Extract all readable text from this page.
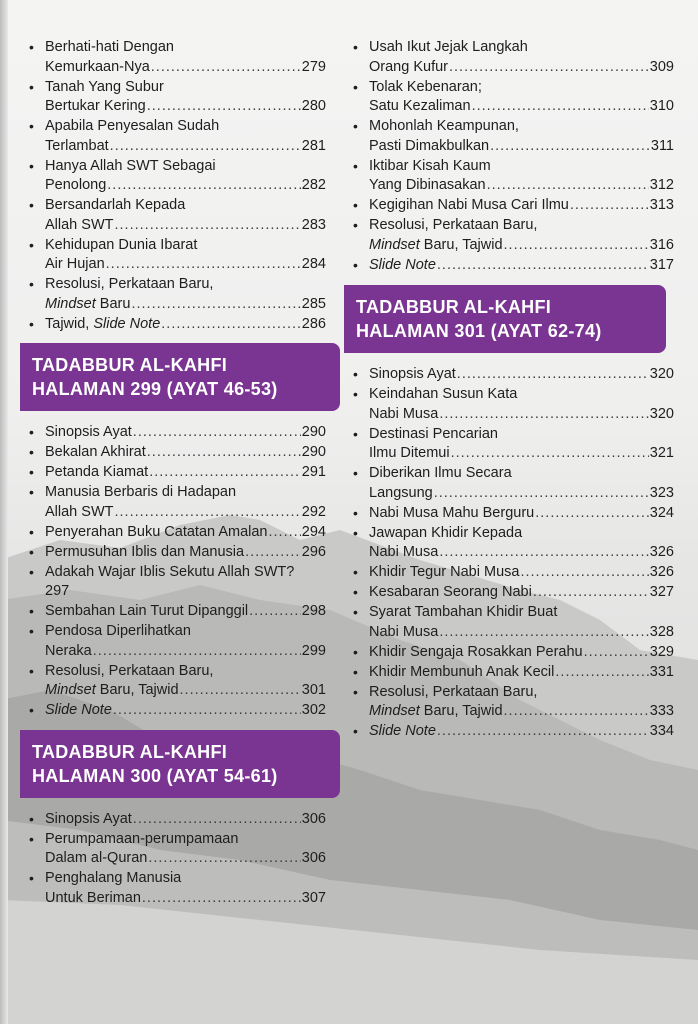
• Berhati-hati Dengan
Kemurkaan-Nya .....	279
• Tanah Yang Subur
Bertukar Kering .....	280
• Apabila Penyesalan Sudah
Terlambat .....	281
• Hanya Allah SWT Sebagai
Penolong .....	282
• Bersandarlah Kepada
Allah SWT .....	283
• Kehidupan Dunia Ibarat
Air Hujan .....	284
• Resolusi, Perkataan Baru,
Mindset Baru .....	285
• Tajwid, Slide Note .....	286
TADABBUR AL-KAHFI
HALAMAN 299 (AYAT 46-53)
• Sinopsis Ayat .....	290
• Bekalan Akhirat .....	290
• Petanda Kiamat .....	291
• Manusia Berbaris di Hadapan
Allah SWT .....	292
• Penyerahan Buku Catatan Amalan ..... 294
• Permusuhan Iblis dan Manusia .....	296
• Adakah Wajar Iblis Sekutu Allah SWT?
297
• Sembahan Lain Turut Dipanggil .....	298
• Pendosa Diperlihatkan
Neraka .....	299
• Resolusi, Perkataan Baru,
Mindset Baru, Tajwid .....	301
• Slide Note .....	302
TADABBUR AL-KAHFI
HALAMAN 300 (AYAT 54-61)
• Sinopsis Ayat .....	306
• Perumpamaan-perumpamaan
Dalam al-Quran .....	306
• Penghalang Manusia
Untuk Beriman .....	307
• Usah Ikut Jejak Langkah
Orang Kufur .....	309
• Tolak Kebenaran;
Satu Kezaliman .....	310
• Mohonlah Keampunan,
Pasti Dimakbulkan .....	311
• Iktibar Kisah Kaum
Yang Dibinasakan .....	312
• Kegigihan Nabi Musa Cari Ilmu .....	313
• Resolusi, Perkataan Baru,
Mindset Baru, Tajwid .....	316
• Slide Note .....	317
TADABBUR AL-KAHFI
HALAMAN 301 (AYAT 62-74)
• Sinopsis Ayat .....	320
• Keindahan Susun Kata
Nabi Musa .....	320
• Destinasi Pencarian
Ilmu Ditemui .....	321
• Diberikan Ilmu Secara
Langsung .....	323
• Nabi Musa Mahu Berguru .....	324
• Jawapan Khidir Kepada
Nabi Musa .....	326
• Khidir Tegur Nabi Musa .....	326
• Kesabaran Seorang Nabi .....	327
• Syarat Tambahan Khidir Buat
Nabi Musa .....	328
• Khidir Sengaja Rosakkan Perahu .....	329
• Khidir Membunuh Anak Kecil .....	331
• Resolusi, Perkataan Baru,
Mindset Baru, Tajwid .....	333
• Slide Note .....	334
